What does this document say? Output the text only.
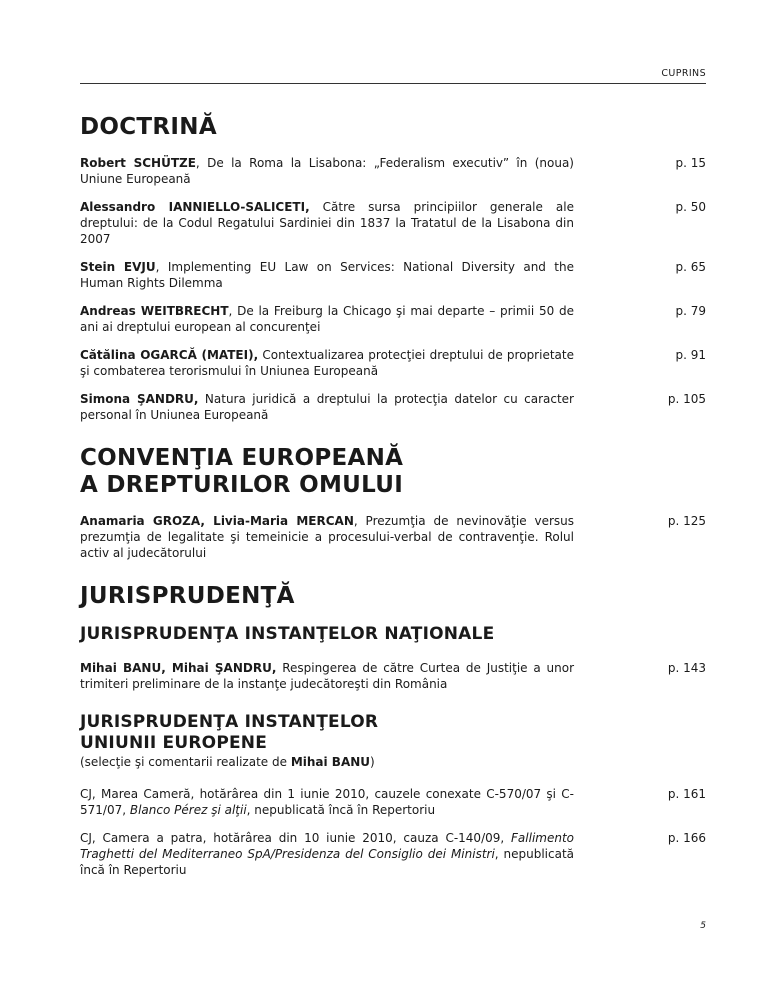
CUPRINS
DOCTRINĂ
Robert SCHÜTZE, De la Roma la Lisabona: „Federalism executiv” în (noua) Uniune Europeană
p. 15
Alessandro IANNIELLO-SALICETI, Către sursa principiilor generale ale dreptului: de la Codul Regatului Sardiniei din 1837 la Tratatul de la Lisabona din 2007
p. 50
Stein EVJU, Implementing EU Law on Services: National Diversity and the Human Rights Dilemma
p. 65
Andreas WEITBRECHT, De la Freiburg la Chicago şi mai departe – primii 50 de ani ai dreptului european al concurenţei
p. 79
Cătălina OGARCĂ (MATEI), Contextualizarea protecţiei dreptului de proprietate şi combaterea terorismului în Uniunea Europeană
p. 91
Simona ŞANDRU, Natura juridică a dreptului la protecţia datelor cu caracter personal în Uniunea Europeană
p. 105
CONVENŢIA EUROPEANĂ
A DREPTURILOR OMULUI
Anamaria GROZA, Livia-Maria MERCAN, Prezumţia de nevinovăţie versus prezumţia de legalitate şi temeinicie a procesului-verbal de contravenţie. Rolul activ al judecătorului
p. 125
JURISPRUDENŢĂ
JURISPRUDENŢA INSTANŢELOR NAŢIONALE
Mihai BANU, Mihai ŞANDRU, Respingerea de către Curtea de Justiţie a unor trimiteri preliminare de la instanţe judecătoreşti din România
p. 143
JURISPRUDENŢA INSTANŢELOR
UNIUNII EUROPENE
(selecţie şi comentarii realizate de Mihai BANU)
CJ, Marea Cameră, hotărârea din 1 iunie 2010, cauzele conexate C-570/07 şi C-571/07, Blanco Pérez şi alţii, nepublicată încă în Repertoriu
p. 161
CJ, Camera a patra, hotărârea din 10 iunie 2010, cauza C-140/09, Fallimento Traghetti del Mediterraneo SpA/Presidenza del Consiglio dei Ministri, nepublicată încă în Repertoriu
p. 166
5
